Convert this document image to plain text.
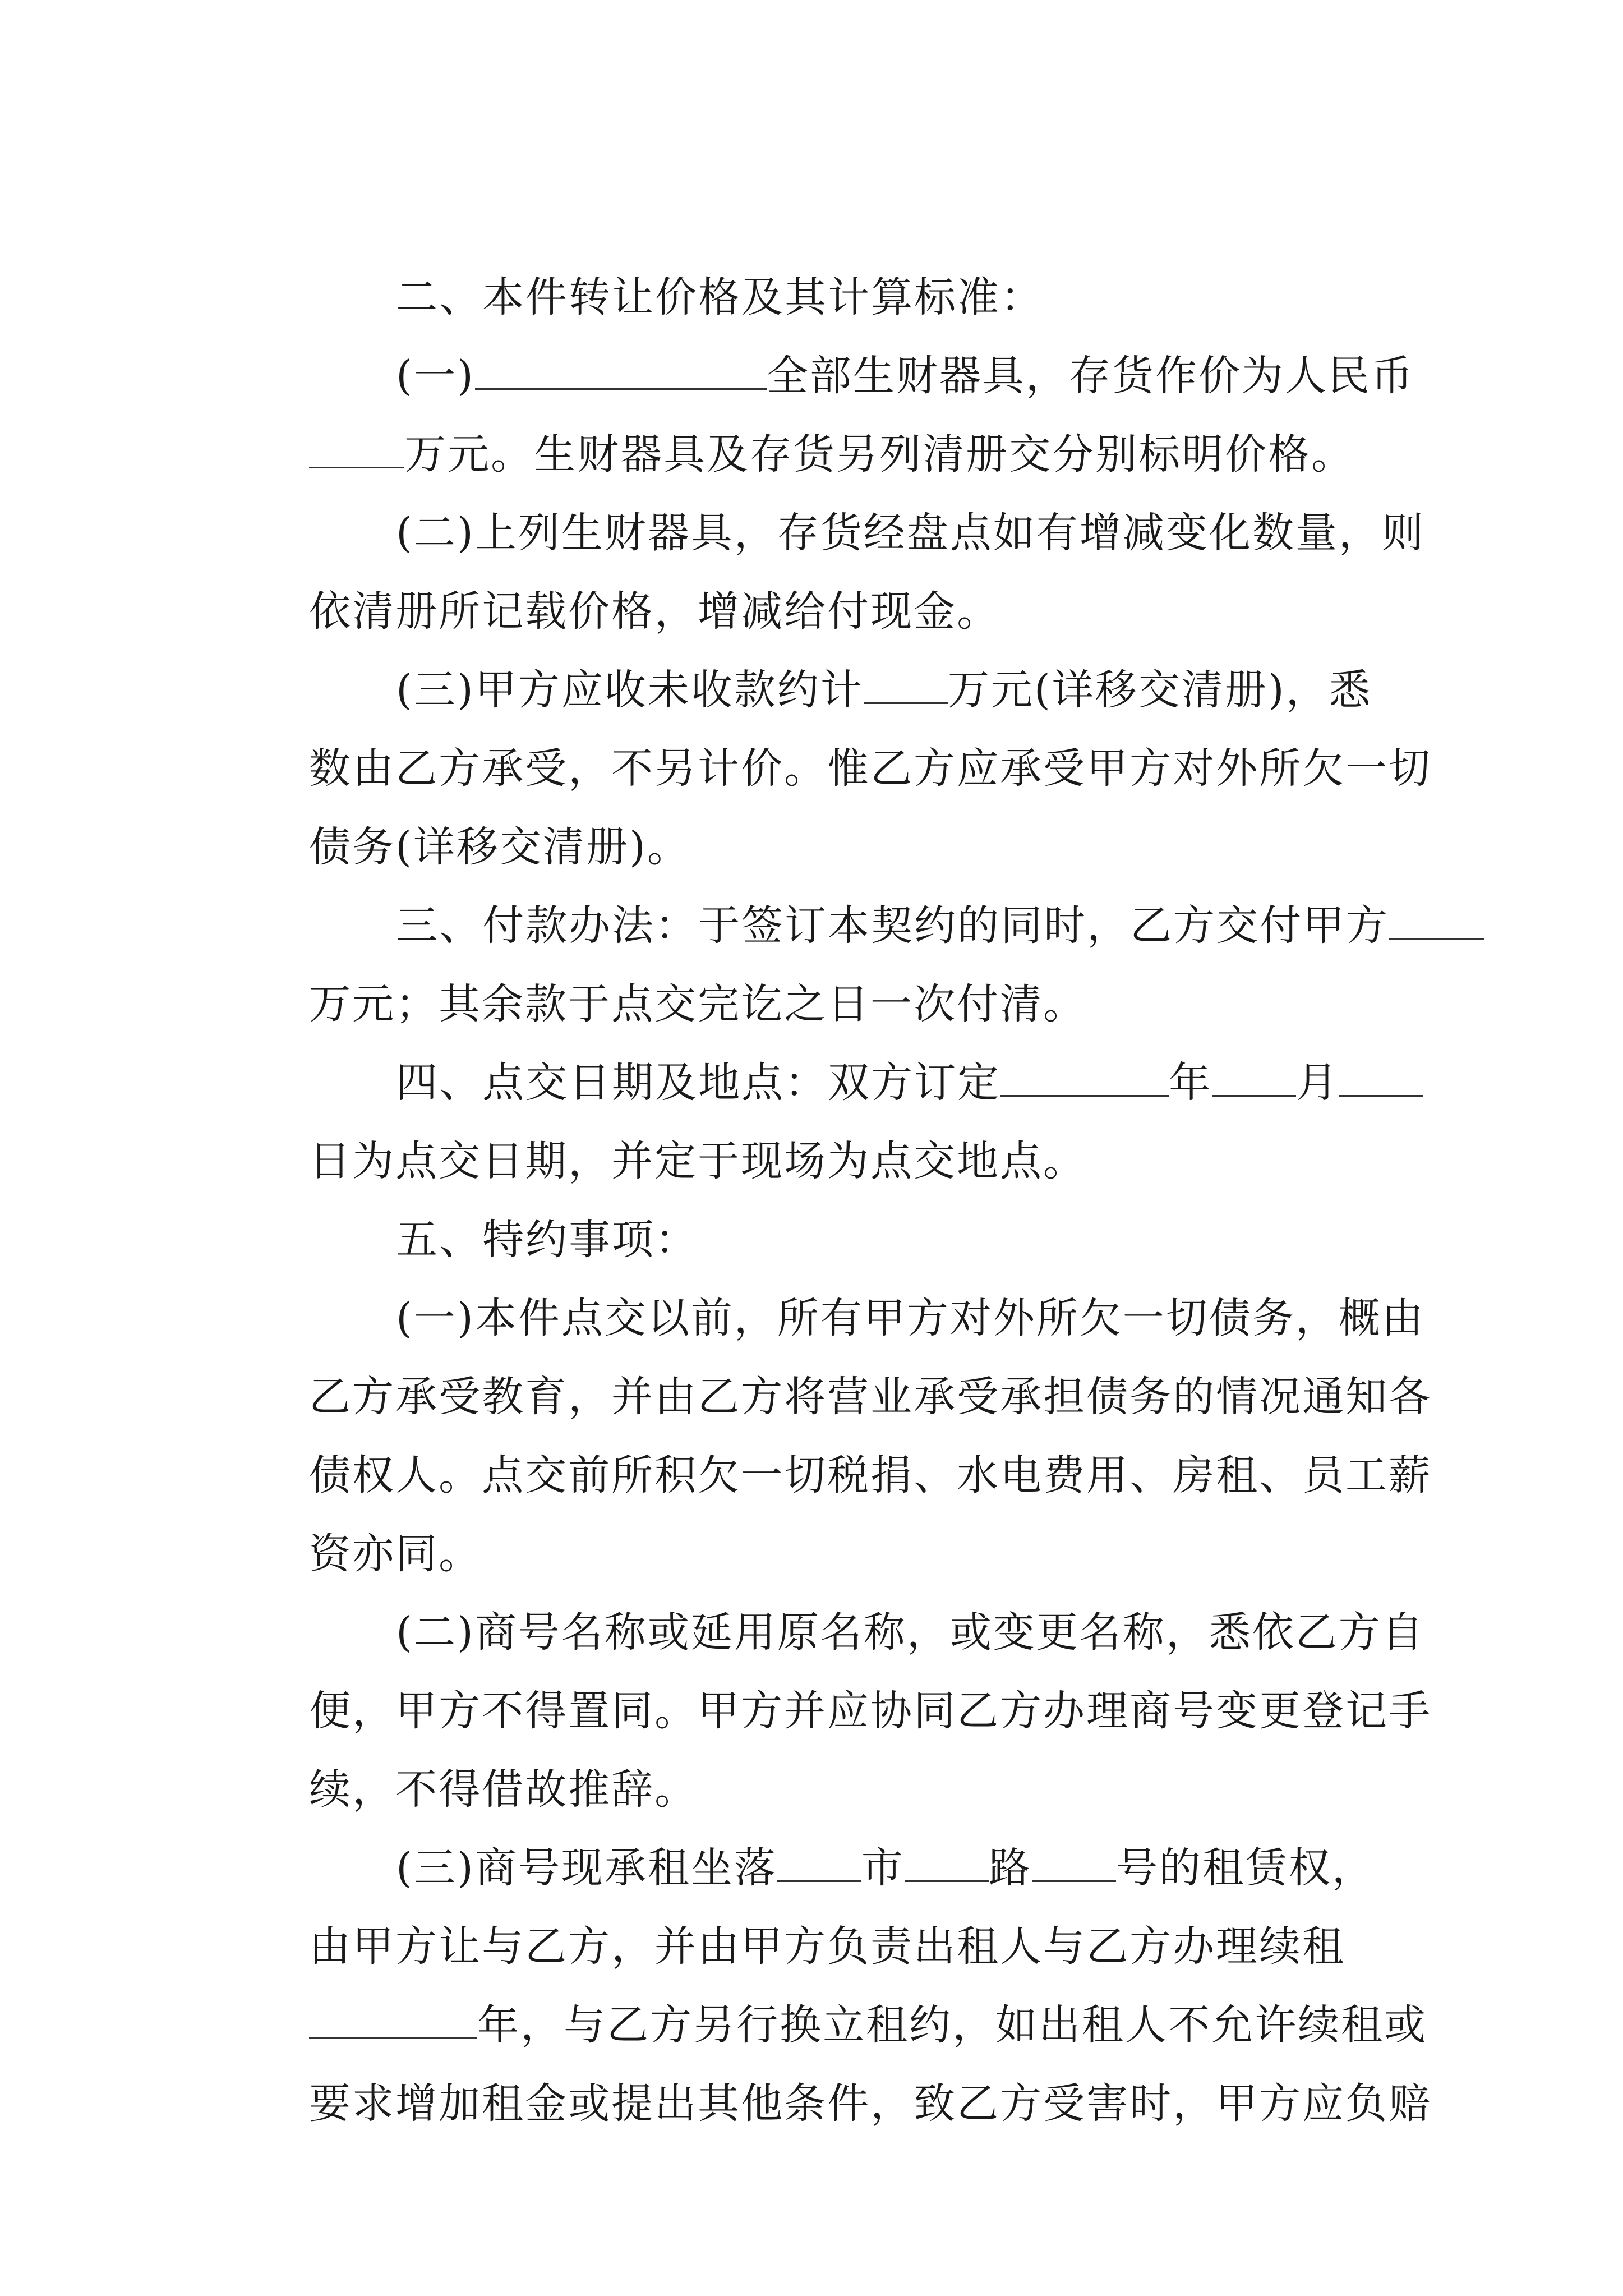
二、本件转让价格及其计算标准：

(一)	全部生财器具，存货作价为人民币

万元。生财器具及存货另列清册交分别标明价格。

(二)上列生财器具，存货经盘点如有增减变化数量，则

依清册所记载价格，增减给付现金。

(三)甲方应收未收款约计 万元(详移交清册)，悉

数由乙方承受，不另计价。惟乙方应承受甲方对外所欠一切

债务(详移交清册)。

三、付款办法：于签订本契约的同时，乙方交付甲方

万元；其余款于点交完讫之日一次付清。

四、点交日期及地点：双方订定	年 月

日为点交日期，并定于现场为点交地点。

五、特约事项：

(一)本件点交以前，所有甲方对外所欠一切债务，概由

乙方承受教育，并由乙方将营业承受承担债务的情况通知各

债权人。点交前所积欠一切税捐、水电费用、房租、员工薪

资亦同。

(二)商号名称或延用原名称，或变更名称，悉依乙方自

便，甲方不得置同。甲方并应协同乙方办理商号变更登记手

续，不得借故推辞。

(三)商号现承租坐落 市 路 号的租赁权，

由甲方让与乙方，并由甲方负责出租人与乙方办理续租

年，与乙方另行换立租约，如出租人不允许续租或

要求增加租金或提出其他条件，致乙方受害时，甲方应负赔
